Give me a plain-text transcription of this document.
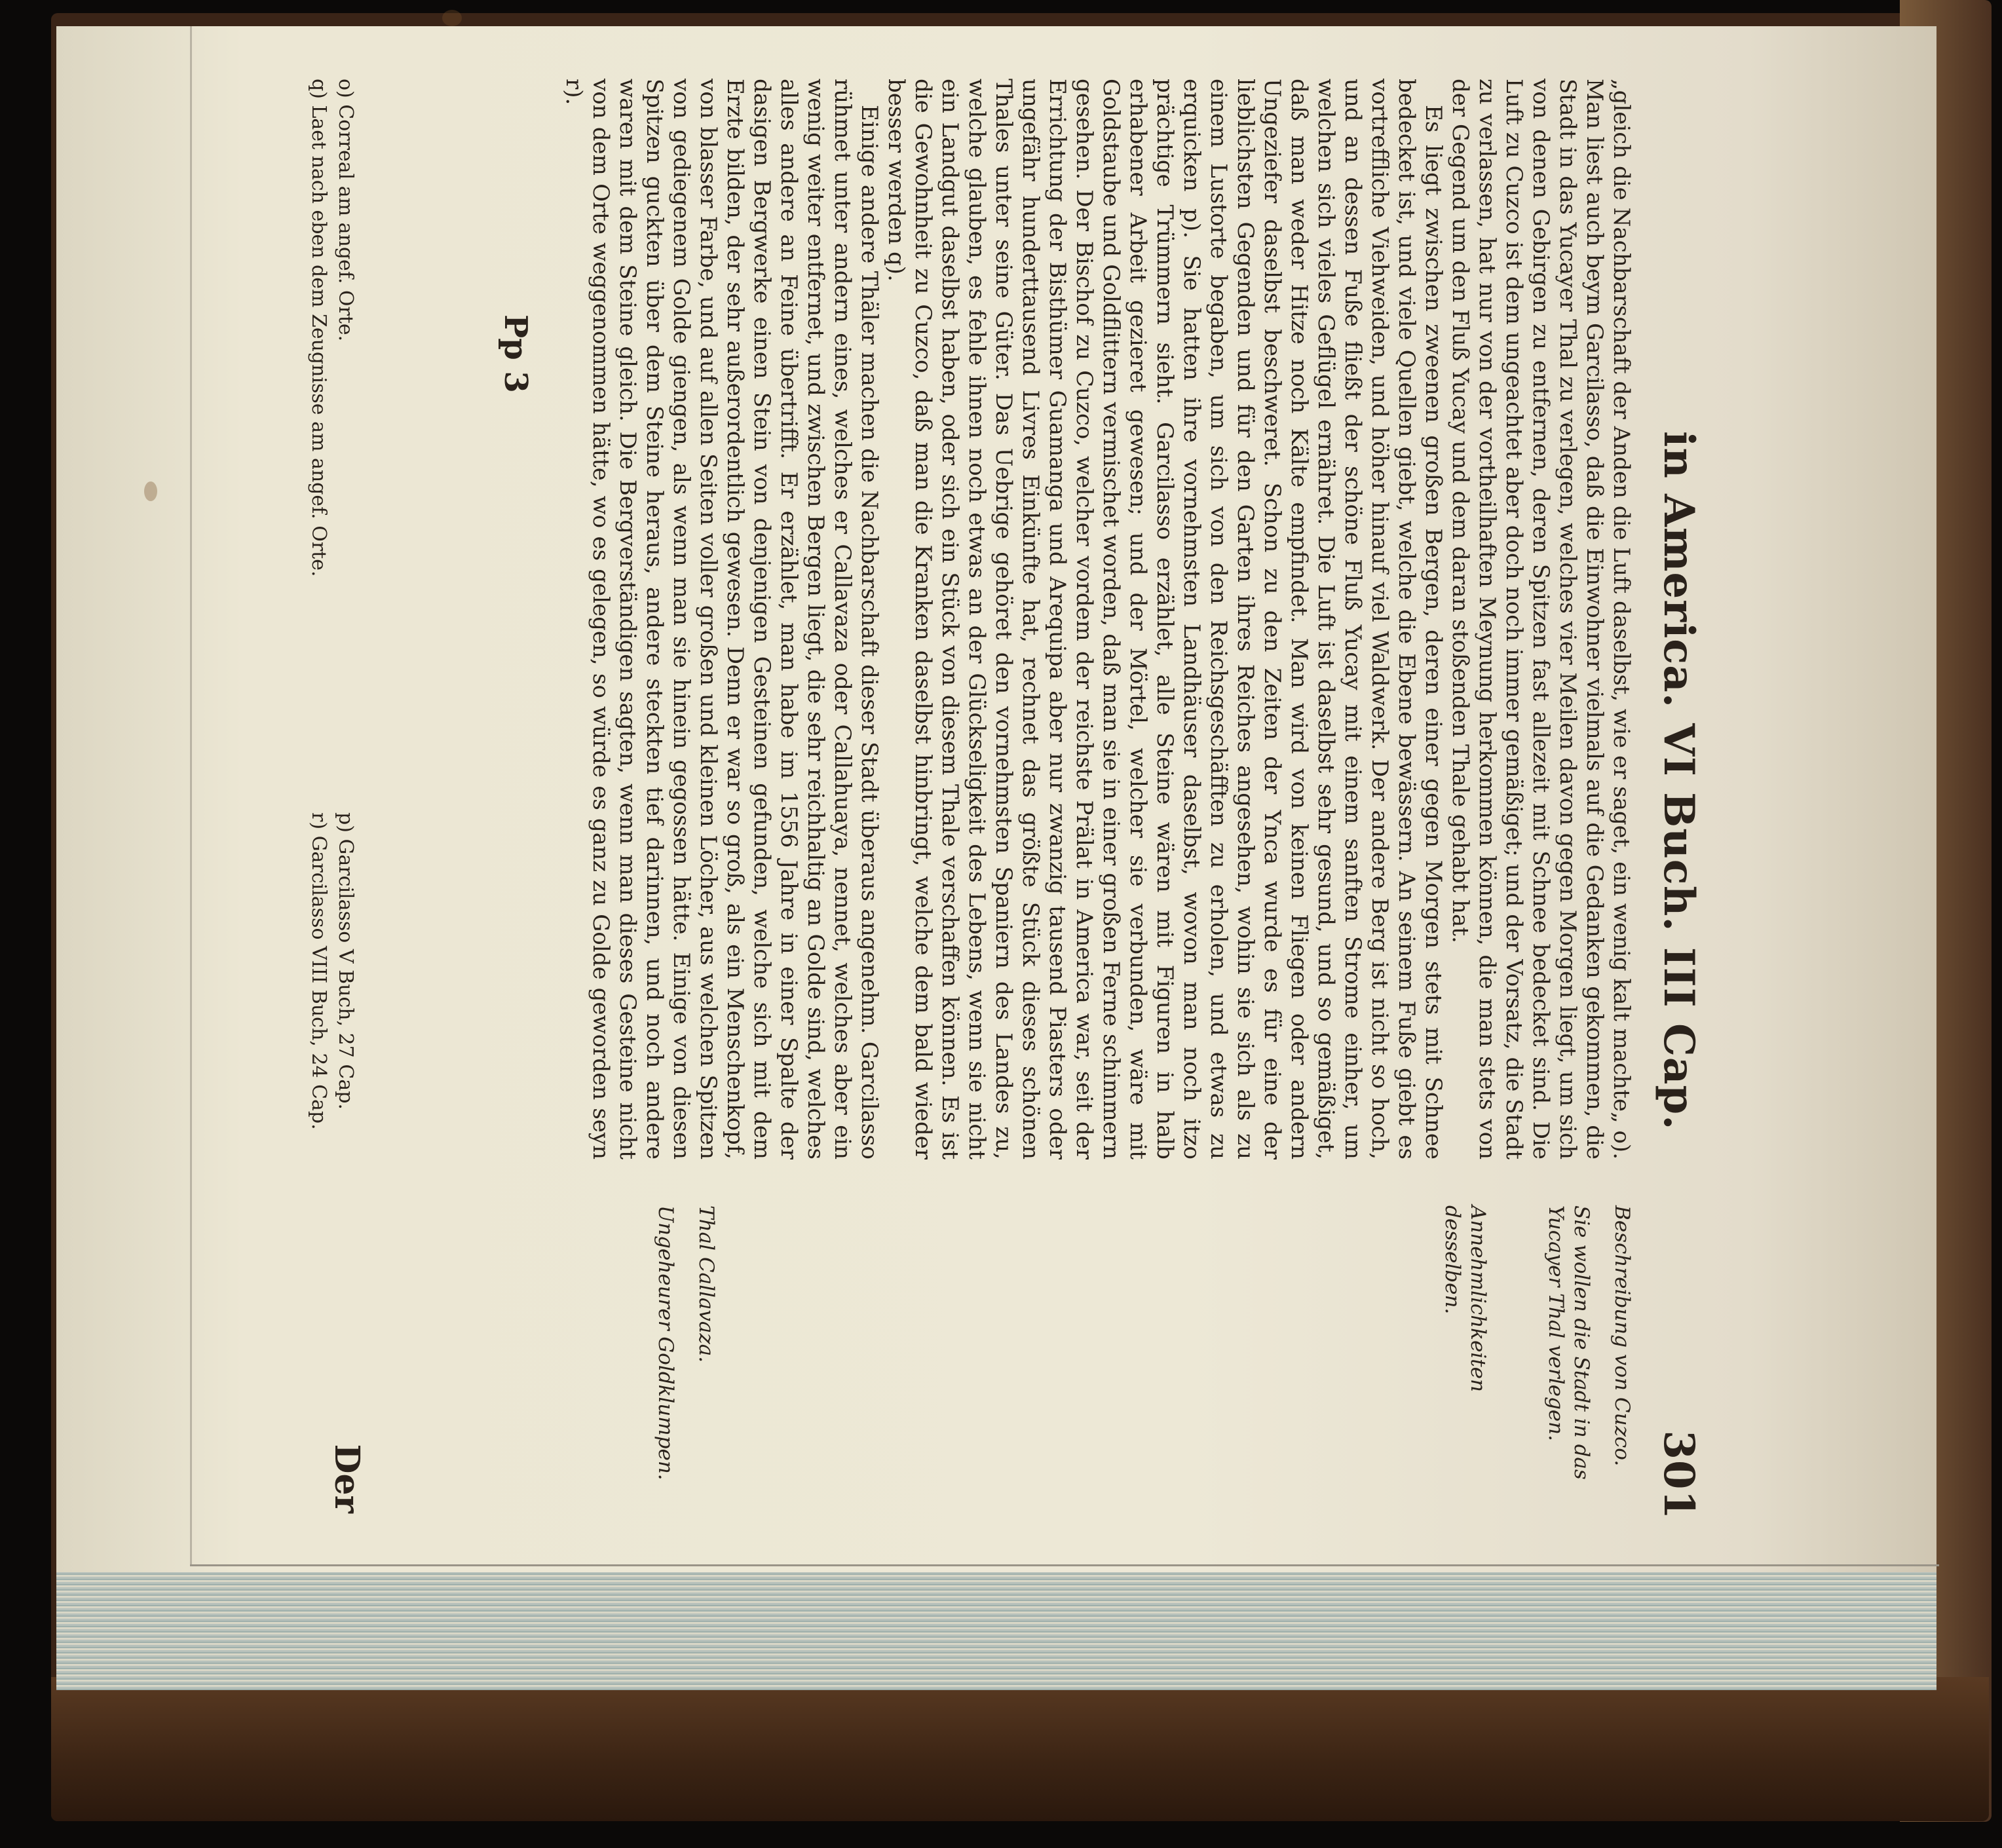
in America. VI Buch. III Cap.
301

„gleich die Nachbarschaft der Anden die Luft daselbst, wie er saget, ein wenig kalt machte„ o). Man liest auch beym Garcilasso, daß die Einwohner vielmals auf die Gedanken gekommen, die Stadt in das Yucayer Thal zu verlegen, welches vier Meilen davon gegen Morgen liegt, um sich von denen Gebirgen zu entfernen, deren Spitzen fast allezeit mit Schnee bedecket sind. Die Luft zu Cuzco ist dem ungeachtet aber doch noch immer gemäßiget; und der Vorsatz, die Stadt zu verlassen, hat nur von der vortheilhaften Meynung herkommen können, die man stets von der Gegend um den Fluß Yucay und dem daran stoßenden Thale gehabt hat.

Es liegt zwischen zweenen großen Bergen, deren einer gegen Morgen stets mit Schnee bedecket ist, und viele Quellen giebt, welche die Ebene bewässern. An seinem Fuße giebt es vortreffliche Viehweiden, und höher hinauf viel Waldwerk. Der andere Berg ist nicht so hoch, und an dessen Fuße fließt der schöne Fluß Yucay mit einem sanften Strome einher, um welchen sich vieles Geflügel ernähret. Die Luft ist daselbst sehr gesund, und so gemäßiget, daß man weder Hitze noch Kälte empfindet. Man wird von keinen Fliegen oder andern Ungeziefer daselbst beschweret. Schon zu den Zeiten der Ynca wurde es für eine der lieblichsten Gegenden und für den Garten ihres Reiches angesehen, wohin sie sich als zu einem Lustorte begaben, um sich von den Reichsgeschäfften zu erholen, und etwas zu erquicken p). Sie hatten ihre vornehmsten Landhäuser daselbst, wovon man noch itzo prächtige Trümmern sieht. Garcilasso erzählet, alle Steine wären mit Figuren in halb erhabener Arbeit gezieret gewesen; und der Mörtel, welcher sie verbunden, wäre mit Goldstaube und Goldflittern vermischet worden, daß man sie in einer großen Ferne schimmern gesehen. Der Bischof zu Cuzco, welcher vordem der reichste Prälat in America war, seit der Errichtung der Bisthümer Guamanga und Arequipa aber nur zwanzig tausend Piasters oder ungefähr hunderttausend Livres Einkünfte hat, rechnet das größte Stück dieses schönen Thales unter seine Güter. Das Uebrige gehöret den vornehmsten Spaniern des Landes zu, welche glauben, es fehle ihnen noch etwas an der Glückseligkeit des Lebens, wenn sie nicht ein Landgut daselbst haben, oder sich ein Stück von diesem Thale verschaffen können. Es ist die Gewohnheit zu Cuzco, daß man die Kranken daselbst hinbringt, welche dem bald wieder besser werden q).

Einige andere Thäler machen die Nachbarschaft dieser Stadt überaus angenehm. Garcilasso rühmet unter andern eines, welches er Callavaza oder Callahuaya, nennet, welches aber ein wenig weiter entfernet, und zwischen Bergen liegt, die sehr reichhaltig an Golde sind, welches alles andere an Feine übertrifft. Er erzählet, man habe im 1556 Jahre in einer Spalte der dasigen Bergwerke einen Stein von denjenigen Gesteinen gefunden, welche sich mit dem Erzte bilden, der sehr außerordentlich gewesen. Denn er war so groß, als ein Menschenkopf, von blasser Farbe, und auf allen Seiten voller großen und kleinen Löcher, aus welchen Spitzen von gediegenem Golde giengen, als wenn man sie hinein gegossen hätte. Einige von diesen Spitzen guckten über dem Steine heraus, andere steckten tief darinnen, und noch andere waren mit dem Steine gleich. Die Bergverständigen sagten, wenn man dieses Gesteine nicht von dem Orte weggenommen hätte, wo es gelegen, so würde es ganz zu Golde geworden seyn r).

Pp 3
Beschreibung von Cuzco.
Sie wollen die Stadt in das Yucayer Thal verlegen.
Annehmlichkeiten desselben.
Thal Callavaza.
Ungeheurer Goldklumpen.
Der

o) Correal am angef. Orte.

q) Laet nach eben dem Zeugnisse am angef. Orte.

p) Garcilasso V Buch, 27 Cap.

r) Garcilasso VIII Buch, 24 Cap.
